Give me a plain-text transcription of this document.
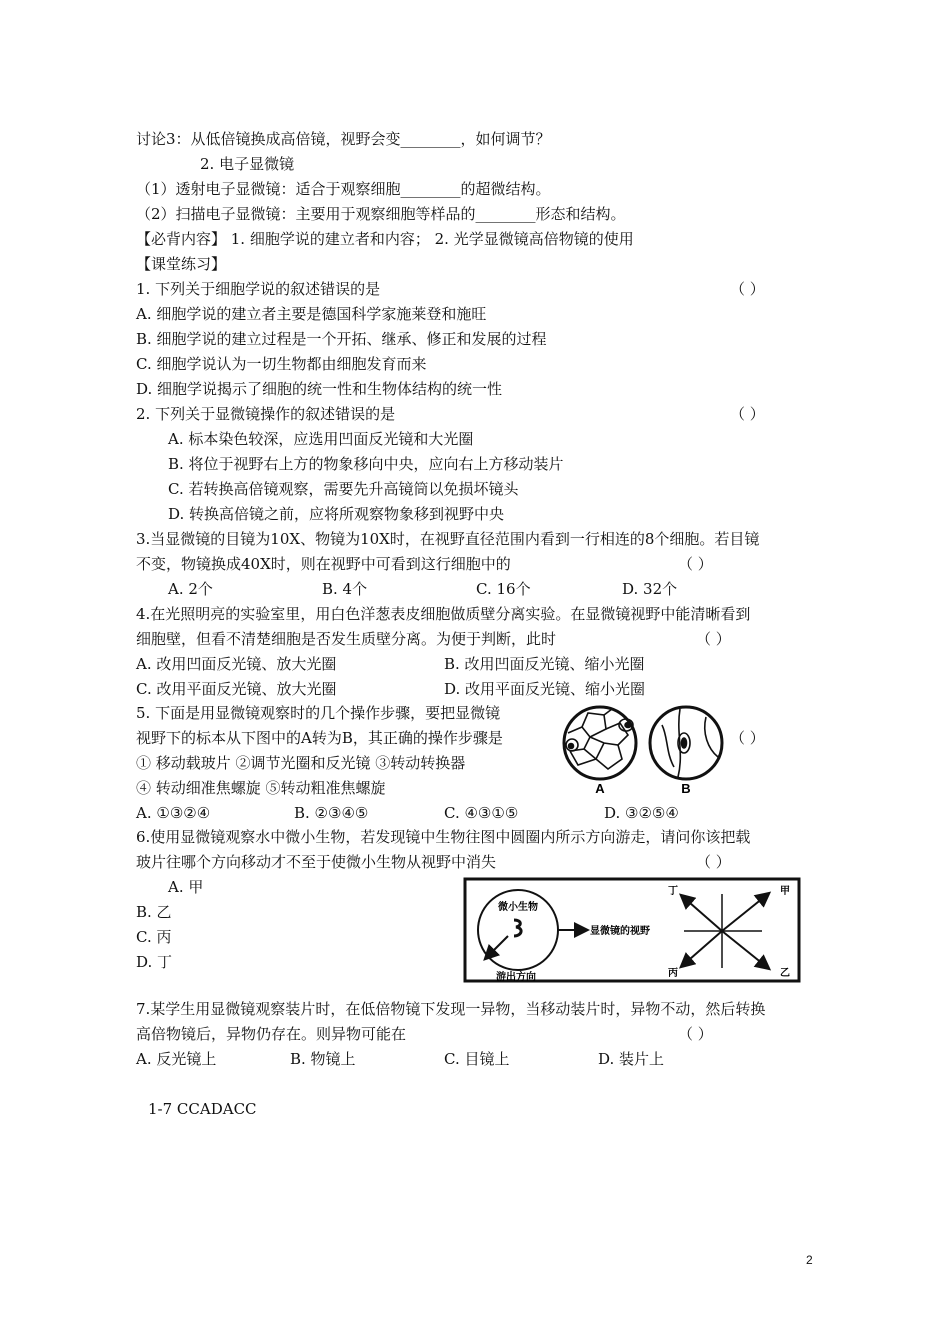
讨论3：从低倍镜换成高倍镜，视野会变________，如何调节？
2. 电子显微镜
（1）透射电子显微镜：适合于观察细胞________的超微结构。
（2）扫描电子显微镜：主要用于观察细胞等样品的________形态和结构。
【必背内容】 1. 细胞学说的建立者和内容； 2. 光学显微镜高倍物镜的使用
【课堂练习】
1. 下列关于细胞学说的叙述错误的是	（ ）
A. 细胞学说的建立者主要是德国科学家施莱登和施旺
B. 细胞学说的建立过程是一个开拓、继承、修正和发展的过程
C. 细胞学说认为一切生物都由细胞发育而来
D. 细胞学说揭示了细胞的统一性和生物体结构的统一性
2. 下列关于显微镜操作的叙述错误的是	（ ）
A. 标本染色较深，应选用凹面反光镜和大光圈
B. 将位于视野右上方的物象移向中央，应向右上方移动装片
C. 若转换高倍镜观察，需要先升高镜筒以免损坏镜头
D. 转换高倍镜之前，应将所观察物象移到视野中央
3.当显微镜的目镜为10X、物镜为10X时，在视野直径范围内看到一行相连的8个细胞。若目镜
不变，物镜换成40X时，则在视野中可看到这行细胞中的	（ ）
A. 2个	B. 4个	C. 16个	D. 32个
4.在光照明亮的实验室里，用白色洋葱表皮细胞做质壁分离实验。在显微镜视野中能清晰看到
细胞壁，但看不清楚细胞是否发生质壁分离。为便于判断，此时	（ ）
A. 改用凹面反光镜、放大光圈	B. 改用凹面反光镜、缩小光圈
C. 改用平面反光镜、放大光圈	D. 改用平面反光镜、缩小光圈
5. 下面是用显微镜观察时的几个操作步骤，要把显微镜
视野下的标本从下图中的A转为B，其正确的操作步骤是	（ ）
① 移动载玻片 ②调节光圈和反光镜 ③转动转换器
④ 转动细准焦螺旋 ⑤转动粗准焦螺旋
A. ①③②④	B. ②③④⑤	C. ④③①⑤	D. ③②⑤④
A	B
6.使用显微镜观察水中微小生物，若发现镜中生物往图中圆圈内所示方向游走，请问你该把载
玻片往哪个方向移动才不至于使微小生物从视野中消失	（ ）
A. 甲
B. 乙
C. 丙
D. 丁
微小生物
显微镜的视野
游出方向
丁	甲
丙	乙
7.某学生用显微镜观察装片时，在低倍物镜下发现一异物，当移动装片时，异物不动，然后转换
高倍物镜后，异物仍存在。则异物可能在	（ ）
A. 反光镜上	B. 物镜上	C. 目镜上	D. 装片上
1-7 CCADACC
2
